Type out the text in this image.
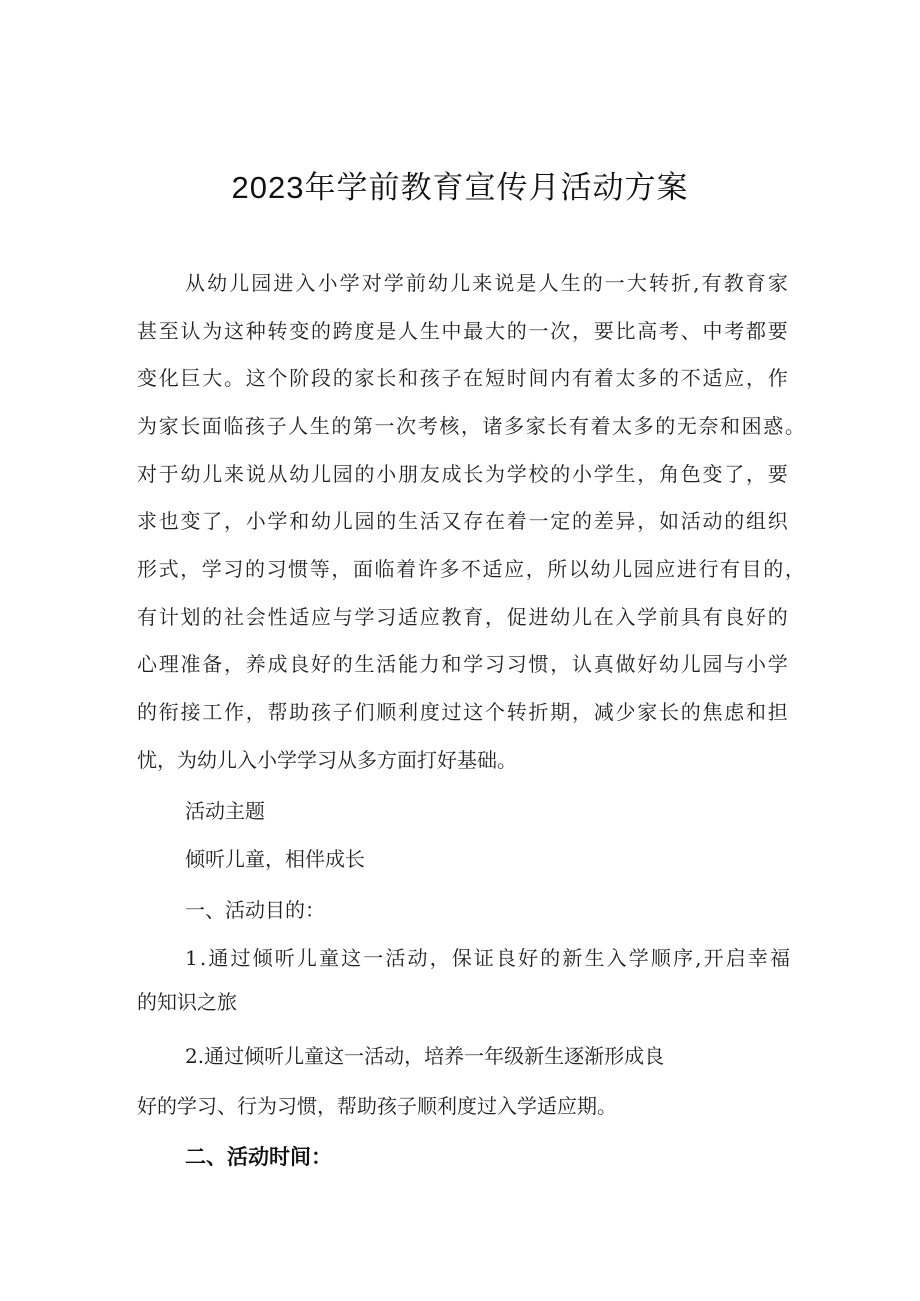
2023年学前教育宣传月活动方案
从 幼 儿 园 进 入 小 学 对 学 前 幼 儿 来 说 是 人 生 的 一 大 转 折 , 有 教 育 家
甚 至 认 为 这 种 转 变 的 跨 度 是 人 生 中 最 大 的 一 次 ， 要 比 高 考 、 中 考 都 要
变 化 巨 大 。 这 个 阶 段 的 家 长 和 孩 子 在 短 时 间 内 有 着 太 多 的 不 适 应 ， 作
为 家 长 面 临 孩 子 人 生 的 第 一 次 考 核 ， 诸 多 家 长 有 着 太 多 的 无 奈 和 困 惑 。
对 于 幼 儿 来 说 从 幼 儿 园 的 小 朋 友 成 长 为 学 校 的 小 学 生 ， 角 色 变 了 ， 要
求 也 变 了 ， 小 学 和 幼 儿 园 的 生 活 又 存 在 着 一 定 的 差 异 ， 如 活 动 的 组 织
形 式 ， 学 习 的 习 惯 等 ， 面 临 着 许 多 不 适 应 ， 所 以 幼 儿 园 应 进 行 有 目 的 ，
有 计 划 的 社 会 性 适 应 与 学 习 适 应 教 育 ， 促 进 幼 儿 在 入 学 前 具 有 良 好 的
心 理 准 备 ， 养 成 良 好 的 生 活 能 力 和 学 习 习 惯 ， 认 真 做 好 幼 儿 园 与 小 学
的 衔 接 工 作 ， 帮 助 孩 子 们 顺 利 度 过 这 个 转 折 期 ， 减 少 家 长 的 焦 虑 和 担
忧，为幼儿入小学学习从多方面打好基础。
活动主题
倾听儿童，相伴成长
一、活动目的：
1 . 通 过 倾 听 儿 童 这 一 活 动 ， 保 证 良 好 的 新 生 入 学 顺 序 , 开 启 幸 福
的知识之旅
2.通过倾听儿童这一活动，培养一年级新生逐渐形成良
好的学习、行为习惯，帮助孩子顺利度过入学适应期。
二、活动时间：
